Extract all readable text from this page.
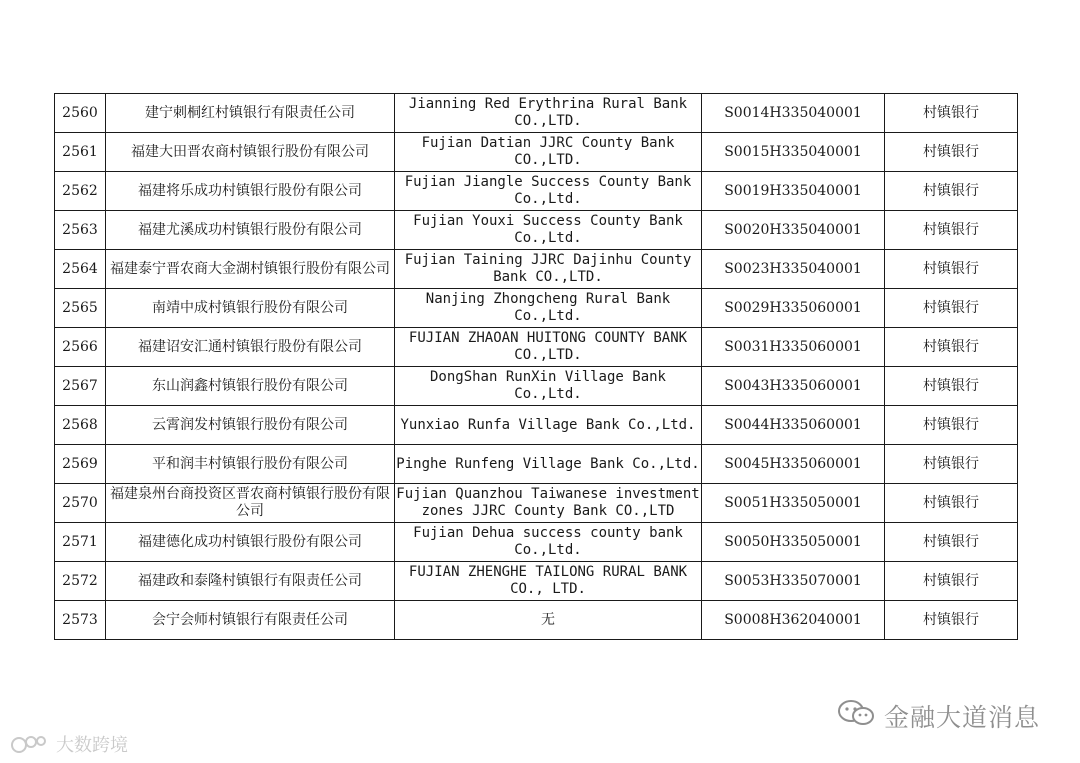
2560	建宁刺桐红村镇银行有限责任公司	Jianning Red Erythrina Rural Bank CO.,LTD.	S0014H335040001	村镇银行
2561	福建大田晋农商村镇银行股份有限公司	Fujian Datian JJRC County Bank CO.,LTD.	S0015H335040001	村镇银行
2562	福建将乐成功村镇银行股份有限公司	Fujian Jiangle Success County Bank Co.,Ltd.	S0019H335040001	村镇银行
2563	福建尤溪成功村镇银行股份有限公司	Fujian Youxi Success County Bank Co.,Ltd.	S0020H335040001	村镇银行
2564	福建泰宁晋农商大金湖村镇银行股份有限公司	Fujian Taining JJRC Dajinhu County Bank CO.,LTD.	S0023H335040001	村镇银行
2565	南靖中成村镇银行股份有限公司	Nanjing Zhongcheng Rural Bank Co.,Ltd.	S0029H335060001	村镇银行
2566	福建诏安汇通村镇银行股份有限公司	FUJIAN ZHAOAN HUITONG COUNTY BANK CO.,LTD.	S0031H335060001	村镇银行
2567	东山润鑫村镇银行股份有限公司	DongShan RunXin Village Bank Co.,Ltd.	S0043H335060001	村镇银行
2568	云霄润发村镇银行股份有限公司	Yunxiao Runfa Village Bank Co.,Ltd.	S0044H335060001	村镇银行
2569	平和润丰村镇银行股份有限公司	Pinghe Runfeng Village Bank Co.,Ltd.	S0045H335060001	村镇银行
2570	福建泉州台商投资区晋农商村镇银行股份有限公司	Fujian Quanzhou Taiwanese investment zones JJRC County Bank CO.,LTD	S0051H335050001	村镇银行
2571	福建德化成功村镇银行股份有限公司	Fujian Dehua success county bank Co.,Ltd.	S0050H335050001	村镇银行
2572	福建政和泰隆村镇银行有限责任公司	FUJIAN ZHENGHE TAILONG RURAL BANK CO., LTD.	S0053H335070001	村镇银行
2573	会宁会师村镇银行有限责任公司	无	S0008H362040001	村镇银行
大数跨境
金融大道消息
